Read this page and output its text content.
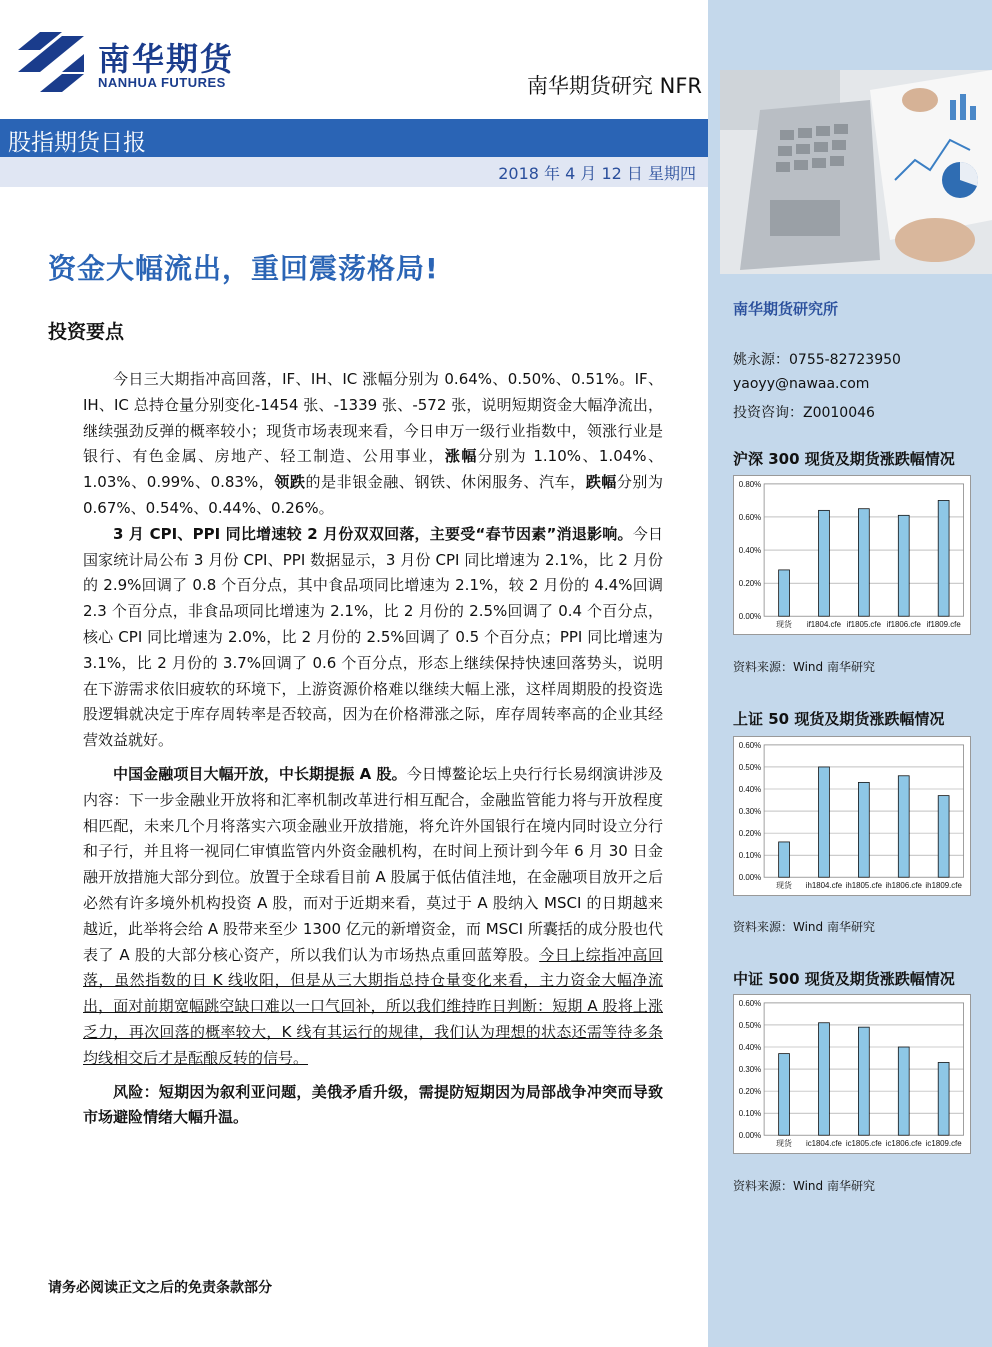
南华期货
NANHUA FUTURES	南华期货研究 NFR
股指期货日报
2018 年 4 月 12 日 星期四
资金大幅流出，重回震荡格局!
投资要点

今日三大期指冲高回落，IF、IH、IC 涨幅分别为 0.64%、0.50%、0.51%。IF、IH、IC 总持仓量分别变化-1454 张、-1339 张、-572 张，说明短期资金大幅净流出，继续强劲反弹的概率较小；现货市场表现来看，今日申万一级行业指数中，领涨行业是银行、有色金属、房地产、轻工制造、公用事业，涨幅分别为 1.10%、1.04%、1.03%、0.99%、0.83%，领跌的是非银金融、钢铁、休闲服务、汽车，跌幅分别为 0.67%、0.54%、0.44%、0.26%。

3 月 CPI、PPI 同比增速较 2 月份双双回落，主要受“春节因素”消退影响。今日国家统计局公布 3 月份 CPI、PPI 数据显示，3 月份 CPI 同比增速为 2.1%，比 2 月份的 2.9%回调了 0.8 个百分点，其中食品项同比增速为 2.1%，较 2 月份的 4.4%回调 2.3 个百分点，非食品项同比增速为 2.1%，比 2 月份的 2.5%回调了 0.4 个百分点，核心 CPI 同比增速为 2.0%，比 2 月份的 2.5%回调了 0.5 个百分点；PPI 同比增速为 3.1%，比 2 月份的 3.7%回调了 0.6 个百分点，形态上继续保持快速回落势头，说明在下游需求依旧疲软的环境下，上游资源价格难以继续大幅上涨，这样周期股的投资选股逻辑就决定于库存周转率是否较高，因为在价格滞涨之际，库存周转率高的企业其经营效益就好。

中国金融项目大幅开放，中长期提振 A 股。今日博鳌论坛上央行行长易纲演讲涉及内容：下一步金融业开放将和汇率机制改革进行相互配合，金融监管能力将与开放程度相匹配，未来几个月将落实六项金融业开放措施，将允许外国银行在境内同时设立分行和子行，并且将一视同仁审慎监管内外资金融机构，在时间上预计到今年 6 月 30 日金融开放措施大部分到位。放置于全球看目前 A 股属于低估值洼地，在金融项目放开之后必然有许多境外机构投资 A 股，而对于近期来看，莫过于 A 股纳入 MSCI 的日期越来越近，此举将会给 A 股带来至少 1300 亿元的新增资金，而 MSCI 所囊括的成分股也代表了 A 股的大部分核心资产，所以我们认为市场热点重回蓝筹股。今日上综指冲高回落，虽然指数的日 K 线收阳，但是从三大期指总持仓量变化来看，主力资金大幅净流出，面对前期宽幅跳空缺口难以一口气回补，所以我们维持昨日判断：短期 A 股将上涨乏力，再次回落的概率较大，K 线有其运行的规律，我们认为理想的状态还需等待多条均线相交后才是酝酿反转的信号。

风险：短期因为叙利亚问题，美俄矛盾升级，需提防短期因为局部战争冲突而导致市场避险情绪大幅升温。

请务必阅读正文之后的免责条款部分
南华期货研究所
姚永源：0755-82723950
yaoyy@nawaa.com
投资咨询：Z0010046
沪深 300 现货及期货涨跌幅情况
0.00%
0.20%
0.40%
0.60%
0.80%
现货 if1804.cfe if1805.cfe if1806.cfe if1809.cfe
资料来源：Wind 南华研究
上证 50 现货及期货涨跌幅情况
0.00%
0.10%
0.20%
0.30%
0.40%
0.50%
0.60%
现货 ih1804.cfe ih1805.cfe ih1806.cfe ih1809.cfe
资料来源：Wind 南华研究
中证 500 现货及期货涨跌幅情况
0.00%
0.10%
0.20%
0.30%
0.40%
0.50%
0.60%
现货 ic1804.cfe ic1805.cfe ic1806.cfe ic1809.cfe
资料来源：Wind 南华研究
